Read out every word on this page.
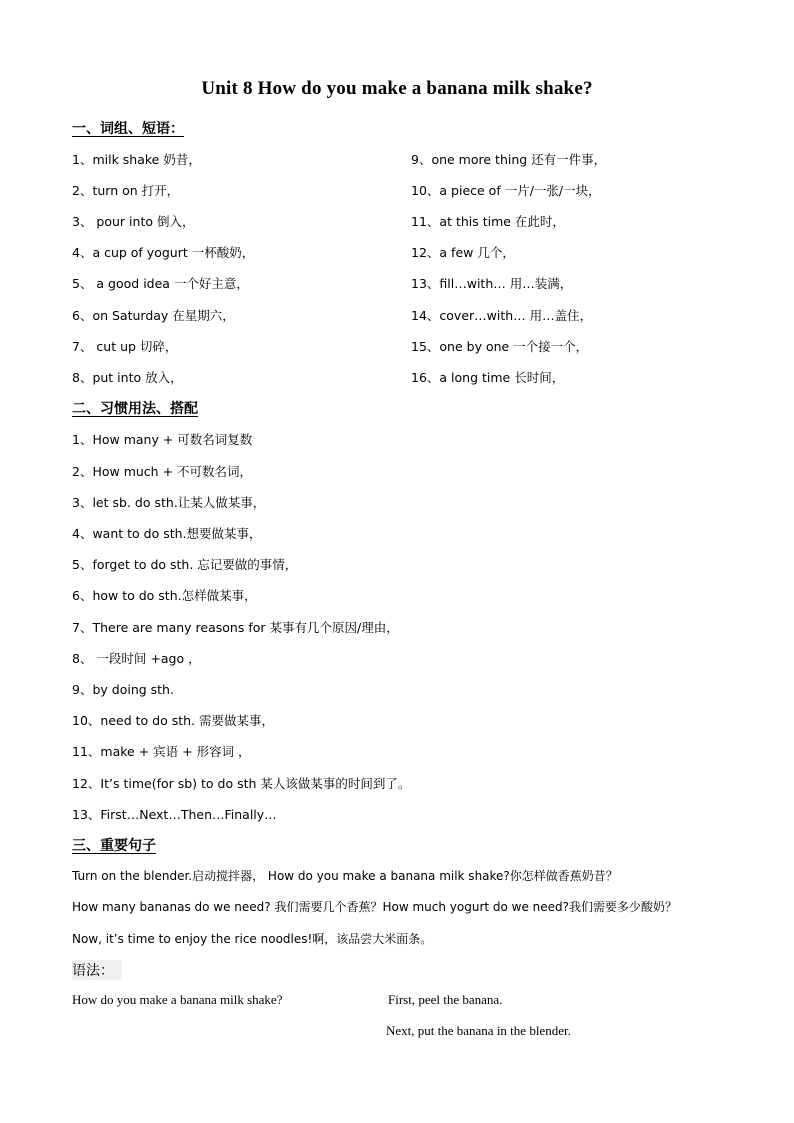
Unit 8 How do you make a banana milk shake?
一、词组、短语：
1、milk shake 奶昔，
2、turn on 打开，
3、 pour into 倒入，
4、a cup of yogurt 一杯酸奶，
5、 a good idea 一个好主意，
6、on Saturday 在星期六，
7、 cut up 切碎，
8、put into 放入，
9、one more thing 还有一件事，
10、a piece of 一片/一张/一块，
11、at this time 在此时，
12、a few 几个，
13、fill…with… 用…装满，
14、cover…with… 用…盖住，
15、one by one 一个接一个，
16、a long time 长时间，
二、习惯用法、搭配
1、How many + 可数名词复数
2、How much + 不可数名词，
3、let sb. do sth.让某人做某事，
4、want to do sth.想要做某事，
5、forget to do sth. 忘记要做的事情，
6、how to do sth.怎样做某事，
7、There are many reasons for 某事有几个原因/理由，
8、 一段时间 +ago ，
9、by doing sth.
10、need to do sth. 需要做某事，
11、make + 宾语 + 形容词 ，
12、It’s time(for sb) to do sth 某人该做某事的时间到了。
13、First…Next…Then…Finally…
三、重要句子
Turn on the blender.启动搅拌器， How do you make a banana milk shake?你怎样做香蕉奶昔？
How many bananas do we need? 我们需要几个香蕉？How much yogurt do we need?我们需要多少酸奶？
Now, it’s time to enjoy the rice noodles!啊，该品尝大米面条。
语法：
How do you make a banana milk shake?	First, peel the banana.
Next, put the banana in the blender.
